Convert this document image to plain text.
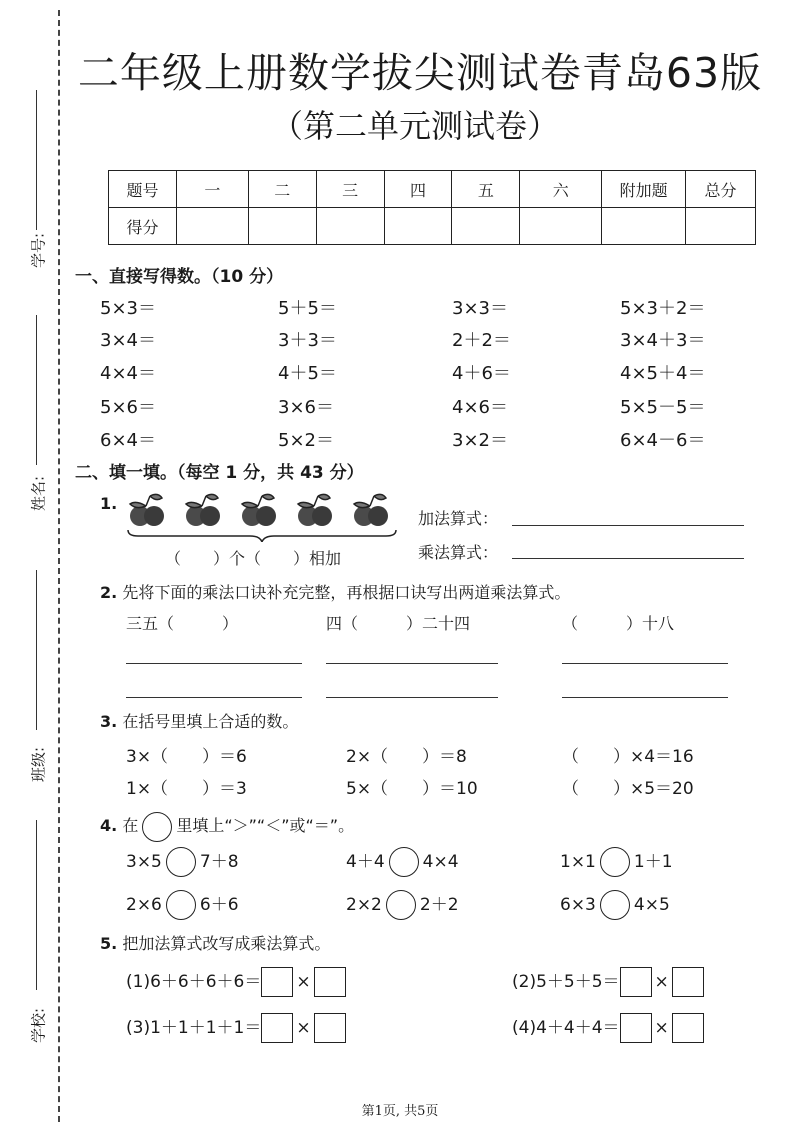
学号:
姓名:
班级:
学校:
二年级上册数学拔尖测试卷青岛63版
（第二单元测试卷）
题号	一	二	三	四	五	六	附加题	总分
得分								
一、直接写得数。（10 分）
5×3＝	5＋5＝	3×3＝	5×3＋2＝
3×4＝	3＋3＝	2＋2＝	3×4＋3＝
4×4＝	4＋5＝	4＋6＝	4×5＋4＝
5×6＝	3×6＝	4×6＝	5×5－5＝
6×4＝	5×2＝	3×2＝	6×4－6＝
二、填一填。（每空 1 分，共 43 分）
1.
（　　）个（　　）相加
加法算式：
乘法算式：
2. 先将下面的乘法口诀补充完整，再根据口诀写出两道乘法算式。
三五（　　　）	四（　　　）二十四	（　　　）十八
3. 在括号里填上合适的数。
3×（　　）＝6	2×（　　）＝8	（　　）×4＝16
1×（　　）＝3	5×（　　）＝10	（　　）×5＝20
4. 在 里填上“＞”“＜”或“＝”。
3×5 7＋8	4＋4 4×4	1×1 1＋1
2×6 6＋6	2×2 2＋2	6×3 4×5
5. 把加法算式改写成乘法算式。
(1)6＋6＋6＋6＝ ×	(2)5＋5＋5＝ ×
(3)1＋1＋1＋1＝ ×	(4)4＋4＋4＝ ×
第1页, 共5页
